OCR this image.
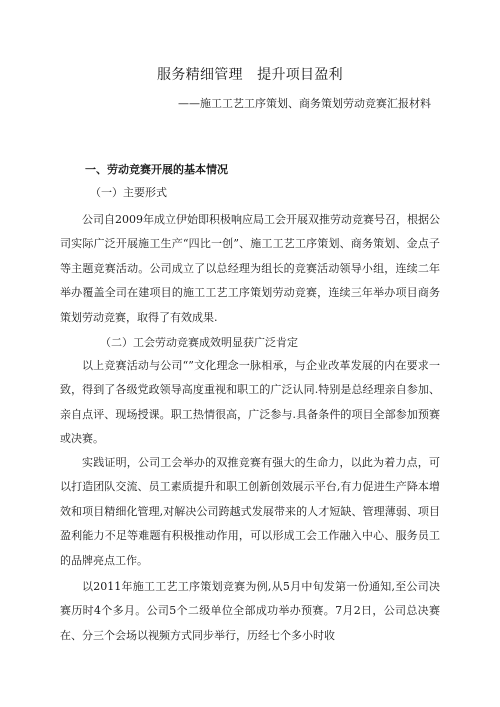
服务精细管理　提升项目盈利
——施工工艺工序策划、商务策划劳动竞赛汇报材料
一、劳动竞赛开展的基本情况
（一）主要形式
公司自2009年成立伊始即积极响应局工会开展双推劳动竞赛号召，根据公司实际广泛开展施工生产“四比一创”、施工工艺工序策划、商务策划、金点子等主题竞赛活动。公司成立了以总经理为组长的竞赛活动领导小组，连续二年举办覆盖全司在建项目的施工工艺工序策划劳动竞赛，连续三年举办项目商务策划劳动竞赛，取得了有效成果.
（二）工会劳动竞赛成效明显获广泛肯定
以上竞赛活动与公司“”文化理念一脉相承，与企业改革发展的内在要求一致，得到了各级党政领导高度重视和职工的广泛认同.特别是总经理亲自参加、亲自点评、现场授课。职工热情很高，广泛参与.具备条件的项目全部参加预赛或决赛。
实践证明，公司工会举办的双推竞赛有强大的生命力，以此为着力点，可以打造团队交流、员工素质提升和职工创新创效展示平台,有力促进生产降本增效和项目精细化管理,对解决公司跨越式发展带来的人才短缺、管理薄弱、项目盈利能力不足等难题有积极推动作用，可以形成工会工作融入中心、服务员工的品牌亮点工作。
以2011年施工工艺工序策划竞赛为例,从5月中旬发第一份通知,至公司决赛历时4个多月。公司5个二级单位全部成功举办预赛。7月2日，公司总决赛在、分三个会场以视频方式同步举行，历经七个多小时收
